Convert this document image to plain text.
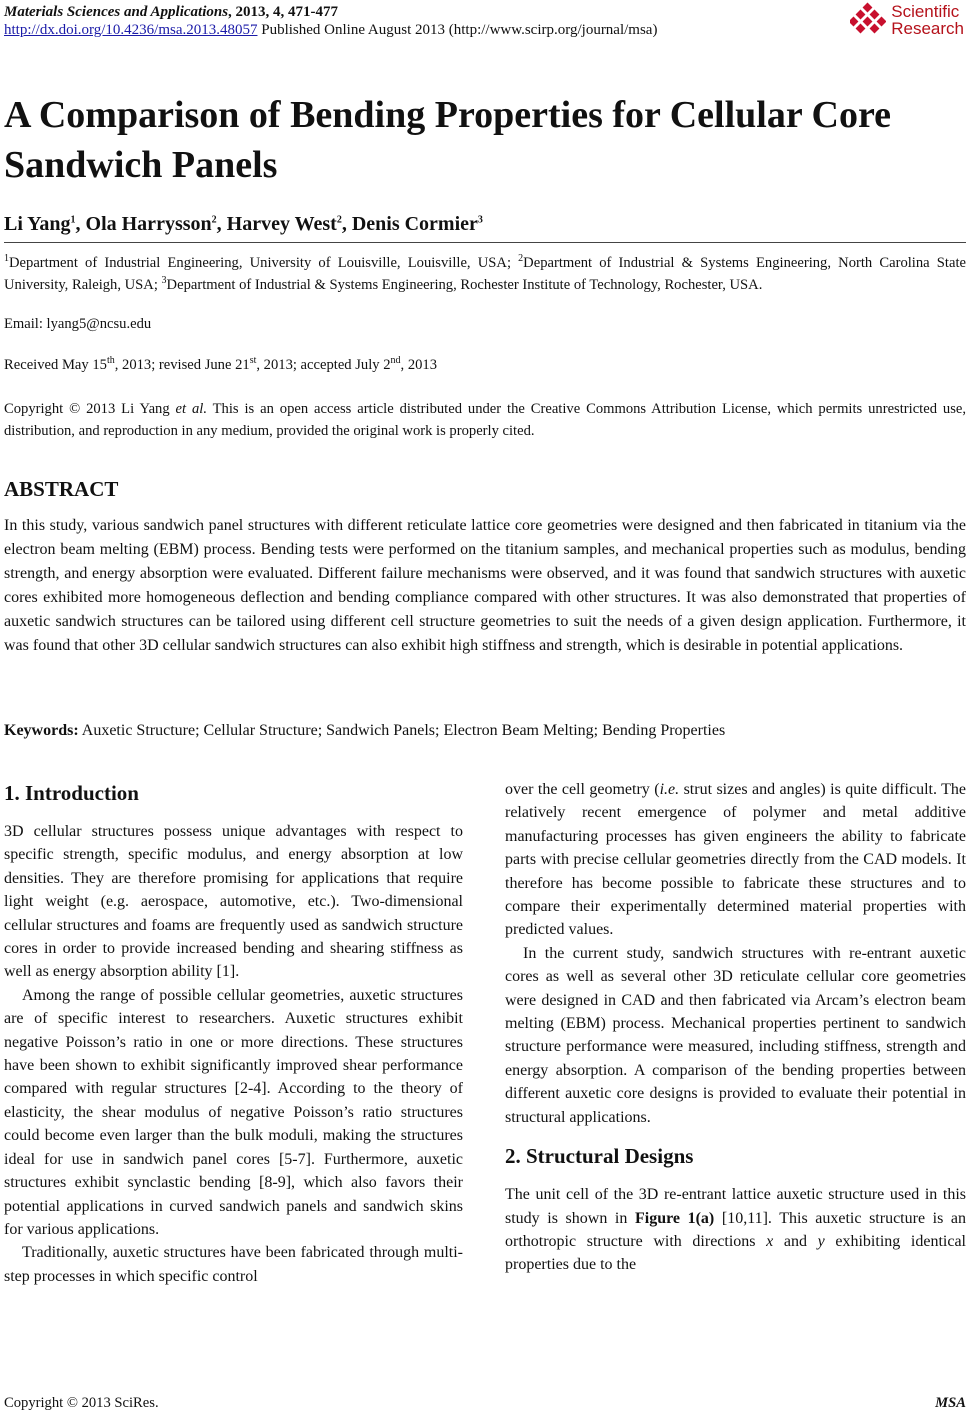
Materials Sciences and Applications, 2013, 4, 471-477
http://dx.doi.org/10.4236/msa.2013.48057 Published Online August 2013 (http://www.scirp.org/journal/msa)
Scientific
Research
A Comparison of Bending Properties for Cellular Core Sandwich Panels
Li Yang$^1$, Ola Harrysson$^2$, Harvey West$^2$, Denis Cormier$^3$
$^1$Department of Industrial Engineering, University of Louisville, Louisville, USA; $^2$Department of Industrial & Systems Engineering, North Carolina State University, Raleigh, USA; $^3$Department of Industrial & Systems Engineering, Rochester Institute of Technology, Rochester, USA.
Email: lyang5@ncsu.edu
Received May 15th, 2013; revised June 21st, 2013; accepted July 2nd, 2013
Copyright © 2013 Li Yang et al. This is an open access article distributed under the Creative Commons Attribution License, which permits unrestricted use, distribution, and reproduction in any medium, provided the original work is properly cited.
ABSTRACT
In this study, various sandwich panel structures with different reticulate lattice core geometries were designed and then fabricated in titanium via the electron beam melting (EBM) process. Bending tests were performed on the titanium samples, and mechanical properties such as modulus, bending strength, and energy absorption were evaluated. Different failure mechanisms were observed, and it was found that sandwich structures with auxetic cores exhibited more homogeneous deflection and bending compliance compared with other structures. It was also demonstrated that properties of auxetic sandwich structures can be tailored using different cell structure geometries to suit the needs of a given design application. Furthermore, it was found that other 3D cellular sandwich structures can also exhibit high stiffness and strength, which is desirable in potential applications.
Keywords: Auxetic Structure; Cellular Structure; Sandwich Panels; Electron Beam Melting; Bending Properties
1. Introduction

3D cellular structures possess unique advantages with respect to specific strength, specific modulus, and energy absorption at low densities. They are therefore promising for applications that require light weight (e.g. aerospace, automotive, etc.). Two-dimensional cellular structures and foams are frequently used as sandwich structure cores in order to provide increased bending and shearing stiffness as well as energy absorption ability [1].

Among the range of possible cellular geometries, auxetic structures are of specific interest to researchers. Auxetic structures exhibit negative Poisson’s ratio in one or more directions. These structures have been shown to exhibit significantly improved shear performance compared with regular structures [2-4]. According to the theory of elasticity, the shear modulus of negative Poisson’s ratio structures could become even larger than the bulk moduli, making the structures ideal for use in sandwich panel cores [5-7]. Furthermore, auxetic structures exhibit synclastic bending [8-9], which also favors their potential applications in curved sandwich panels and sandwich skins for various applications.

Traditionally, auxetic structures have been fabricated through multi-step processes in which specific control

over the cell geometry (i.e. strut sizes and angles) is quite difficult. The relatively recent emergence of polymer and metal additive manufacturing processes has given engineers the ability to fabricate parts with precise cellular geometries directly from the CAD models. It therefore has become possible to fabricate these structures and to compare their experimentally determined material properties with predicted values.

In the current study, sandwich structures with re-entrant auxetic cores as well as several other 3D reticulate cellular core geometries were designed in CAD and then fabricated via Arcam’s electron beam melting (EBM) process. Mechanical properties pertinent to sandwich structure performance were measured, including stiffness, strength and energy absorption. A comparison of the bending properties between different auxetic core designs is provided to evaluate their potential in structural applications.

2. Structural Designs

The unit cell of the 3D re-entrant lattice auxetic structure used in this study is shown in Figure 1(a) [10,11]. This auxetic structure is an orthotropic structure with directions x and y exhibiting identical properties due to the

Copyright © 2013 SciRes.	MSA
